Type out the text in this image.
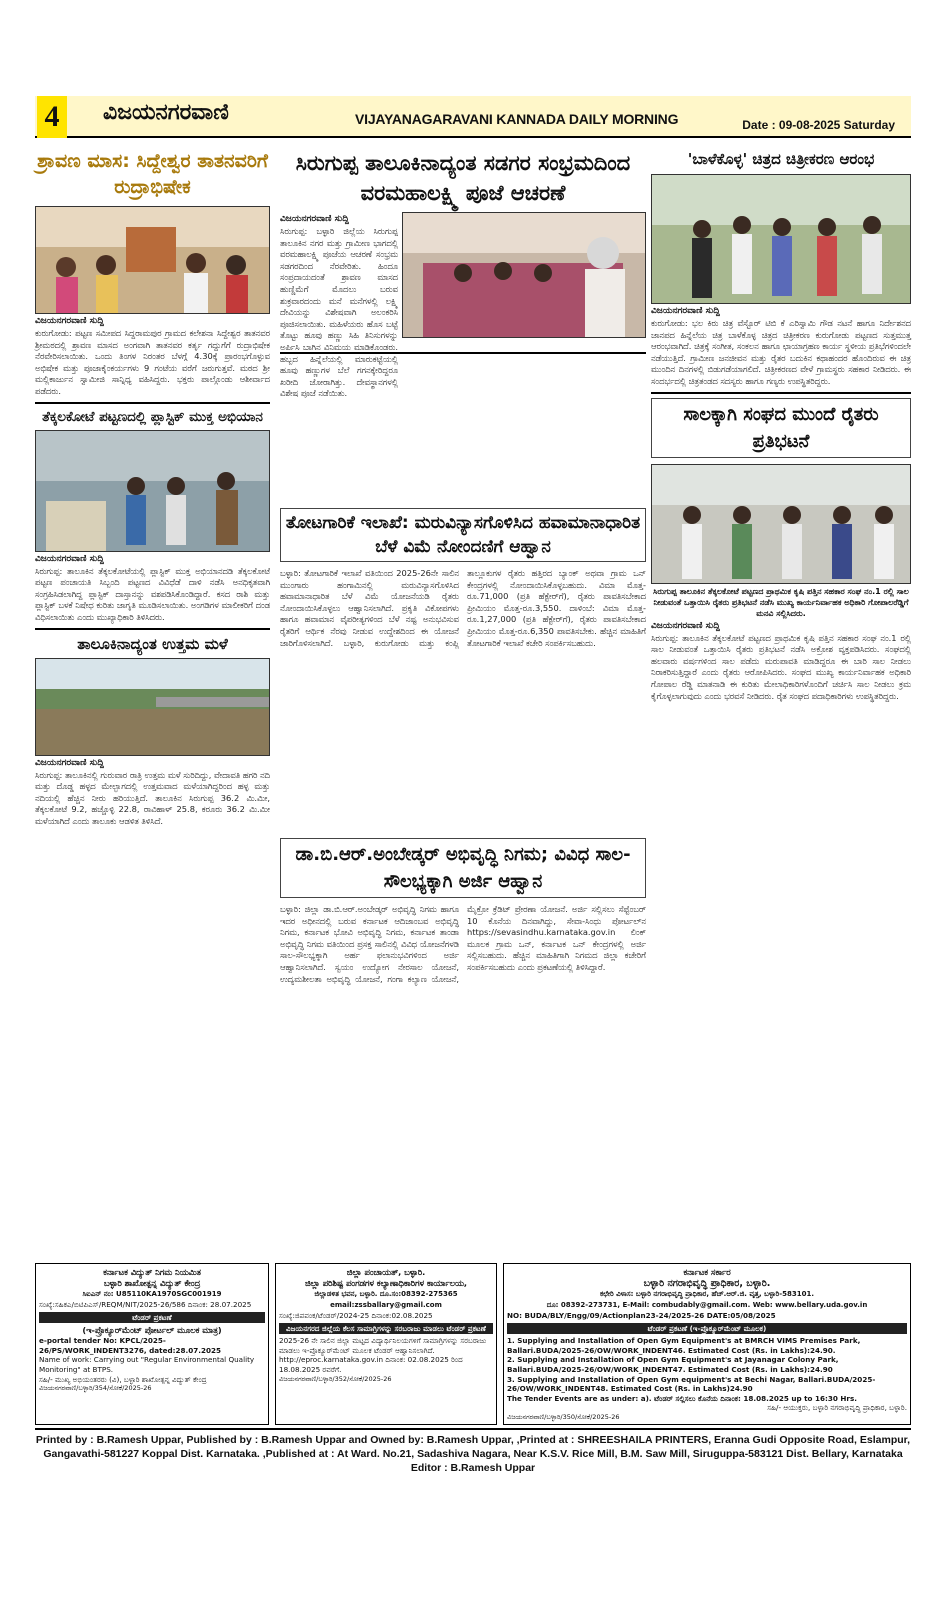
4	ವಿಜಯನಗರವಾಣಿ	VIJAYANAGARAVANI KANNADA DAILY MORNING	Date : 09-08-2025 Saturday
ಶ್ರಾವಣ ಮಾಸ: ಸಿದ್ದೇಶ್ವರ ತಾತನವರಿಗೆ ರುದ್ರಾಭಿಷೇಕ
ವಿಜಯನಗರವಾಣಿ ಸುದ್ದಿ
ಕುರುಗೋಡು: ಪಟ್ಟಣ ಸಮೀಪದ ಸಿದ್ದರಾಮಪುರ ಗ್ರಾಮದ ಕಲೇಶನಾ ಸಿದ್ದೇಶ್ವರ ತಾತನವರ ಶ್ರೀಮಠದಲ್ಲಿ ಶ್ರಾವಣ ಮಾಸದ ಅಂಗವಾಗಿ ತಾತನವರ ಕರ್ತೃ ಗದ್ದುಗೆಗೆ ರುದ್ರಾಭಿಷೇಕ ನೆರವೇರಿಸಲಾಯಿತು. ಒಂದು ತಿಂಗಳ ನಿರಂತರ ಬೆಳಗ್ಗೆ 4.30ಕ್ಕೆ ಪ್ರಾರಂಭಗೊಳ್ಳುವ ಅಭಿಷೇಕ ಮತ್ತು ಪೂಜಾಕೈಂಕರ್ಯಗಳು 9 ಗಂಟೆಯ ವರೆಗೆ ಜರುಗುತ್ತವೆ. ಮಠದ ಶ್ರೀ ಮಲ್ಲಿಕಾರ್ಜುನ ಸ್ವಾಮೀಜಿ ಸಾನ್ನಿಧ್ಯ ವಹಿಸಿದ್ದರು. ಭಕ್ತರು ಪಾಲ್ಗೊಂಡು ಆಶೀರ್ವಾದ ಪಡೆದರು.
ತೆಕ್ಕಲಕೋಟೆ ಪಟ್ಟಣದಲ್ಲಿ ಪ್ಲಾಸ್ಟಿಕ್ ಮುಕ್ತ ಅಭಿಯಾನ
ವಿಜಯನಗರವಾಣಿ ಸುದ್ದಿ
ಸಿರುಗುಪ್ಪ: ತಾಲೂಕಿನ ತೆಕ್ಕಲಕೋಟೆಯಲ್ಲಿ ಪ್ಲಾಸ್ಟಿಕ್ ಮುಕ್ತ ಅಭಿಯಾನದಡಿ ತೆಕ್ಕಲಕೋಟೆ ಪಟ್ಟಣ ಪಂಚಾಯತಿ ಸಿಬ್ಬಂದಿ ಪಟ್ಟಣದ ವಿವಿಧೆಡೆ ದಾಳಿ ನಡೆಸಿ ಅನಧಿಕೃತವಾಗಿ ಸಂಗ್ರಹಿಸಿಡಲಾಗಿದ್ದ ಪ್ಲಾಸ್ಟಿಕ್ ದಾಸ್ತಾನನ್ನು ವಶಪಡಿಸಿಕೊಂಡಿದ್ದಾರೆ. ಕಸದ ರಾಶಿ ಮತ್ತು ಪ್ಲಾಸ್ಟಿಕ್ ಬಳಕೆ ನಿಷೇಧ ಕುರಿತು ಜಾಗೃತಿ ಮೂಡಿಸಲಾಯಿತು. ಅಂಗಡಿಗಳ ಮಾಲೀಕರಿಗೆ ದಂಡ ವಿಧಿಸಲಾಯಿತು ಎಂದು ಮುಖ್ಯಾಧಿಕಾರಿ ತಿಳಿಸಿದರು.
ತಾಲೂಕಿನಾದ್ಯಂತ ಉತ್ತಮ ಮಳೆ
ವಿಜಯನಗರವಾಣಿ ಸುದ್ದಿ
ಸಿರುಗುಪ್ಪ: ತಾಲೂಕಿನಲ್ಲಿ ಗುರುವಾರ ರಾತ್ರಿ ಉತ್ತಮ ಮಳೆ ಸುರಿದಿದ್ದು, ವೇದಾವತಿ ಹಗರಿ ನದಿ ಮತ್ತು ದೊಡ್ಡ ಹಳ್ಳದ ಮೇಲ್ಭಾಗದಲ್ಲಿ ಉತ್ತಮವಾದ ಮಳೆಯಾಗಿದ್ದರಿಂದ ಹಳ್ಳ ಮತ್ತು ನದಿಯಲ್ಲಿ ಹೆಚ್ಚಿನ ನೀರು ಹರಿಯುತ್ತಿದೆ. ತಾಲೂಕಿನ ಸಿರುಗುಪ್ಪ 36.2 ಮಿ.ಮೀ, ತೆಕ್ಕಲಕೋಟೆ 9.2, ಹಚ್ಚೊಳ್ಳಿ 22.8, ರಾವಿಹಾಳ್ 25.8, ಕರೂರು 36.2 ಮಿ.ಮೀ ಮಳೆಯಾಗಿದೆ ಎಂದು ತಾಲೂಕು ಆಡಳಿತ ತಿಳಿಸಿದೆ.
ಸಿರುಗುಪ್ಪ ತಾಲೂಕಿನಾದ್ಯಂತ ಸಡಗರ ಸಂಭ್ರಮದಿಂದ ವರಮಹಾಲಕ್ಷ್ಮಿ ಪೂಜೆ ಆಚರಣೆ
ವಿಜಯನಗರವಾಣಿ ಸುದ್ದಿ
ಸಿರುಗುಪ್ಪ: ಬಳ್ಳಾರಿ ಜಿಲ್ಲೆಯ ಸಿರುಗುಪ್ಪ ತಾಲೂಕಿನ ನಗರ ಮತ್ತು ಗ್ರಾಮೀಣ ಭಾಗದಲ್ಲಿ ವರಮಹಾಲಕ್ಷ್ಮಿ ಪೂಜೆಯ ಆಚರಣೆ ಸಂಭ್ರಮ ಸಡಗರದಿಂದ ನೆರವೇರಿತು. ಹಿಂದೂ ಸಂಪ್ರದಾಯದಂತೆ ಶ್ರಾವಣ ಮಾಸದ ಹುಣ್ಣಿಮೆಗೆ ಮೊದಲು ಬರುವ ಶುಕ್ರವಾರದಂದು ಮನೆ ಮನೆಗಳಲ್ಲಿ ಲಕ್ಷ್ಮಿ ದೇವಿಯನ್ನು ವಿಶೇಷವಾಗಿ ಅಲಂಕರಿಸಿ ಪೂಜಿಸಲಾಯಿತು. ಮಹಿಳೆಯರು ಹೊಸ ಬಟ್ಟೆ ತೊಟ್ಟು ಹೂವು ಹಣ್ಣು ಸಿಹಿ ತಿನಿಸುಗಳನ್ನು ಅರ್ಪಿಸಿ ಬಾಗಿನ ವಿನಿಮಯ ಮಾಡಿಕೊಂಡರು. ಹಬ್ಬದ ಹಿನ್ನೆಲೆಯಲ್ಲಿ ಮಾರುಕಟ್ಟೆಯಲ್ಲಿ ಹೂವು ಹಣ್ಣುಗಳ ಬೆಲೆ ಗಗನಕ್ಕೇರಿದ್ದರೂ ಖರೀದಿ ಜೋರಾಗಿತ್ತು. ದೇವಸ್ಥಾನಗಳಲ್ಲಿ ವಿಶೇಷ ಪೂಜೆ ನಡೆಯಿತು.
ತೋಟಗಾರಿಕೆ ಇಲಾಖೆ: ಮರುವಿನ್ಯಾಸಗೊಳಿಸಿದ ಹವಾಮಾನಾಧಾರಿತ ಬೆಳೆ ವಿಮೆ ನೋಂದಣಿಗೆ ಆಹ್ವಾನ
ಬಳ್ಳಾರಿ: ತೋಟಗಾರಿಕೆ ಇಲಾಖೆ ವತಿಯಿಂದ 2025-26ನೇ ಸಾಲಿನ ಮುಂಗಾರು ಹಂಗಾಮಿನಲ್ಲಿ ಮರುವಿನ್ಯಾಸಗೊಳಿಸಿದ ಹವಾಮಾನಾಧಾರಿತ ಬೆಳೆ ವಿಮೆ ಯೋಜನೆಯಡಿ ರೈತರು ನೋಂದಾಯಿಸಿಕೊಳ್ಳಲು ಆಹ್ವಾನಿಸಲಾಗಿದೆ. ಪ್ರಕೃತಿ ವಿಕೋಪಗಳು ಹಾಗೂ ಹವಾಮಾನ ವೈಪರೀತ್ಯಗಳಿಂದ ಬೆಳೆ ನಷ್ಟ ಅನುಭವಿಸುವ ರೈತರಿಗೆ ಆರ್ಥಿಕ ನೆರವು ನೀಡುವ ಉದ್ದೇಶದಿಂದ ಈ ಯೋಜನೆ ಜಾರಿಗೊಳಿಸಲಾಗಿದೆ. ಬಳ್ಳಾರಿ, ಕುರುಗೋಡು ಮತ್ತು ಕಂಪ್ಲಿ ತಾಲ್ಲೂಕುಗಳ ರೈತರು ಹತ್ತಿರದ ಬ್ಯಾಂಕ್ ಅಥವಾ ಗ್ರಾಮ ಒನ್ ಕೇಂದ್ರಗಳಲ್ಲಿ ನೋಂದಾಯಿಸಿಕೊಳ್ಳಬಹುದು. ವಿಮಾ ಮೊತ್ತ-ರೂ.71,000 (ಪ್ರತಿ ಹೆಕ್ಟೇರ್‌ಗೆ), ರೈತರು ಪಾವತಿಸಬೇಕಾದ ಪ್ರೀಮಿಯಂ ಮೊತ್ತ-ರೂ.3,550. ದಾಳಿಂಬೆ: ವಿಮಾ ಮೊತ್ತ-ರೂ.1,27,000 (ಪ್ರತಿ ಹೆಕ್ಟೇರ್‌ಗೆ), ರೈತರು ಪಾವತಿಸಬೇಕಾದ ಪ್ರೀಮಿಯಂ ಮೊತ್ತ-ರೂ.6,350 ಪಾವತಿಸಬೇಕು. ಹೆಚ್ಚಿನ ಮಾಹಿತಿಗೆ ತೋಟಗಾರಿಕೆ ಇಲಾಖೆ ಕಚೇರಿ ಸಂಪರ್ಕಿಸಬಹುದು.
ಡಾ.ಬಿ.ಆರ್.ಅಂಬೇಡ್ಕರ್ ಅಭಿವೃದ್ಧಿ ನಿಗಮ; ವಿವಿಧ ಸಾಲ-ಸೌಲಭ್ಯಕ್ಕಾಗಿ ಅರ್ಜಿ ಆಹ್ವಾನ
ಬಳ್ಳಾರಿ: ಜಿಲ್ಲಾ ಡಾ.ಬಿ.ಆರ್.ಅಂಬೇಡ್ಕರ್ ಅಭಿವೃದ್ಧಿ ನಿಗಮ ಹಾಗೂ ಇದರ ಅಧೀನದಲ್ಲಿ ಬರುವ ಕರ್ನಾಟಕ ಆದಿಜಾಂಬವ ಅಭಿವೃದ್ಧಿ ನಿಗಮ, ಕರ್ನಾಟಕ ಭೋವಿ ಅಭಿವೃದ್ಧಿ ನಿಗಮ, ಕರ್ನಾಟಕ ತಾಂಡಾ ಅಭಿವೃದ್ಧಿ ನಿಗಮ ವತಿಯಿಂದ ಪ್ರಸಕ್ತ ಸಾಲಿನಲ್ಲಿ ವಿವಿಧ ಯೋಜನೆಗಳಡಿ ಸಾಲ-ಸೌಲಭ್ಯಕ್ಕಾಗಿ ಅರ್ಹ ಫಲಾನುಭವಿಗಳಿಂದ ಅರ್ಜಿ ಆಹ್ವಾನಿಸಲಾಗಿದೆ. ಸ್ವಯಂ ಉದ್ಯೋಗ ನೇರಸಾಲ ಯೋಜನೆ, ಉದ್ಯಮಶೀಲತಾ ಅಭಿವೃದ್ಧಿ ಯೋಜನೆ, ಗಂಗಾ ಕಲ್ಯಾಣ ಯೋಜನೆ, ಮೈಕ್ರೋ ಕ್ರೆಡಿಟ್ ಪ್ರೇರಣಾ ಯೋಜನೆ. ಅರ್ಜಿ ಸಲ್ಲಿಸಲು ಸೆಪ್ಟೆಂಬರ್ 10 ಕೊನೆಯ ದಿನವಾಗಿದ್ದು, ಸೇವಾ-ಸಿಂಧು ಪೋರ್ಟಲ್‌ನ https://sevasindhu.karnataka.gov.in ಲಿಂಕ್ ಮೂಲಕ ಗ್ರಾಮ ಒನ್, ಕರ್ನಾಟಕ ಒನ್ ಕೇಂದ್ರಗಳಲ್ಲಿ ಅರ್ಜಿ ಸಲ್ಲಿಸಬಹುದು. ಹೆಚ್ಚಿನ ಮಾಹಿತಿಗಾಗಿ ನಿಗಮದ ಜಿಲ್ಲಾ ಕಚೇರಿಗೆ ಸಂಪರ್ಕಿಸಬಹುದು ಎಂದು ಪ್ರಕಟಣೆಯಲ್ಲಿ ತಿಳಿಸಿದ್ದಾರೆ.
'ಬಾಳೆಕೊಳ್ಳ' ಚಿತ್ರದ ಚಿತ್ರೀಕರಣ ಆರಂಭ
ವಿಜಯನಗರವಾಣಿ ಸುದ್ದಿ
ಕುರುಗೋಡು: ಭಲ ಕಿರು ಚಿತ್ರ ವೆಸ್ಟೊರ್ ಟಿಬಿ ಕೆ ಎರಿಸ್ವಾಮಿ ಗೌಡ ನಟನೆ ಹಾಗೂ ನಿರ್ದೇಶನದ ಜಾನಪದ ಹಿನ್ನೆಲೆಯ ಚಿತ್ರ ಬಾಳೆಕೊಳ್ಳ ಚಿತ್ರದ ಚಿತ್ರೀಕರಣ ಕುರುಗೋಡು ಪಟ್ಟಣದ ಸುತ್ತಮುತ್ತ ಆರಂಭವಾಗಿದೆ. ಚಿತ್ರಕ್ಕೆ ಸಂಗೀತ, ಸಂಕಲನ ಹಾಗೂ ಛಾಯಾಗ್ರಹಣ ಕಾರ್ಯ ಸ್ಥಳೀಯ ಪ್ರತಿಭೆಗಳಿಂದಲೇ ನಡೆಯುತ್ತಿದೆ. ಗ್ರಾಮೀಣ ಜನಜೀವನ ಮತ್ತು ರೈತರ ಬದುಕಿನ ಕಥಾಹಂದರ ಹೊಂದಿರುವ ಈ ಚಿತ್ರ ಮುಂದಿನ ದಿನಗಳಲ್ಲಿ ಬಿಡುಗಡೆಯಾಗಲಿದೆ. ಚಿತ್ರೀಕರಣದ ವೇಳೆ ಗ್ರಾಮಸ್ಥರು ಸಹಕಾರ ನೀಡಿದರು. ಈ ಸಂದರ್ಭದಲ್ಲಿ ಚಿತ್ರತಂಡದ ಸದಸ್ಯರು ಹಾಗೂ ಗಣ್ಯರು ಉಪಸ್ಥಿತರಿದ್ದರು.
ಸಾಲಕ್ಕಾಗಿ ಸಂಘದ ಮುಂದೆ ರೈತರು ಪ್ರತಿಭಟನೆ
ಸಿರುಗುಪ್ಪ ತಾಲೂಕಿನ ತೆಕ್ಕಲಕೋಟೆ ಪಟ್ಟಣದ ಪ್ರಾಥಮಿಕ ಕೃಷಿ ಪತ್ತಿನ ಸಹಕಾರ ಸಂಘ ನಂ.1 ರಲ್ಲಿ ಸಾಲ ನೀಡುವಂತೆ ಒತ್ತಾಯಿಸಿ ರೈತರು ಪ್ರತಿಭಟನೆ ನಡೆಸಿ ಮುಖ್ಯ ಕಾರ್ಯನಿರ್ವಾಹಕ ಅಧಿಕಾರಿ ಗೋಪಾಲರೆಡ್ಡಿಗೆ ಮನವಿ ಸಲ್ಲಿಸಿದರು.
ವಿಜಯನಗರವಾಣಿ ಸುದ್ದಿ
ಸಿರುಗುಪ್ಪ: ತಾಲೂಕಿನ ತೆಕ್ಕಲಕೋಟೆ ಪಟ್ಟಣದ ಪ್ರಾಥಮಿಕ ಕೃಷಿ ಪತ್ತಿನ ಸಹಕಾರ ಸಂಘ ನಂ.1 ರಲ್ಲಿ ಸಾಲ ನೀಡುವಂತೆ ಒತ್ತಾಯಿಸಿ ರೈತರು ಪ್ರತಿಭಟನೆ ನಡೆಸಿ ಅಕ್ರೋಶ ವ್ಯಕ್ತಪಡಿಸಿದರು. ಸಂಘದಲ್ಲಿ ಹಲವಾರು ವರ್ಷಗಳಿಂದ ಸಾಲ ಪಡೆದು ಮರುಪಾವತಿ ಮಾಡಿದ್ದರೂ ಈ ಬಾರಿ ಸಾಲ ನೀಡಲು ನಿರಾಕರಿಸುತ್ತಿದ್ದಾರೆ ಎಂದು ರೈತರು ಆರೋಪಿಸಿದರು. ಸಂಘದ ಮುಖ್ಯ ಕಾರ್ಯನಿರ್ವಾಹಕ ಅಧಿಕಾರಿ ಗೋಪಾಲ ರೆಡ್ಡಿ ಮಾತನಾಡಿ ಈ ಕುರಿತು ಮೇಲಾಧಿಕಾರಿಗಳೊಂದಿಗೆ ಚರ್ಚಿಸಿ ಸಾಲ ನೀಡಲು ಕ್ರಮ ಕೈಗೊಳ್ಳಲಾಗುವುದು ಎಂದು ಭರವಸೆ ನೀಡಿದರು. ರೈತ ಸಂಘದ ಪದಾಧಿಕಾರಿಗಳು ಉಪಸ್ಥಿತರಿದ್ದರು.
ಕರ್ನಾಟಕ ವಿದ್ಯುತ್ ನಿಗಮ ನಿಯಮಿತ
ಬಳ್ಳಾರಿ ಶಾಖೋತ್ಪನ್ನ ವಿದ್ಯುತ್ ಕೇಂದ್ರ
ಸಿಐಎನ್ ನಂ: U85110KA1970SGC001919
ಸಂಖ್ಯೆ:ಸಹಿಕಎ/ಬಿಟಿಪಿಎಸ್/REQM/NIT/2025-26/586 ದಿನಾಂಕ: 28.07.2025
ಟೆಂಡರ್ ಪ್ರಕಟಣೆ
(ಇ-ಪ್ರೊಕ್ಯೂರ್‌ಮೆಂಟ್ ಪೋರ್ಟಲ್ ಮೂಲಕ ಮಾತ್ರ)
e-portal tender No: KPCL/2025-26/PS/WORK_INDENT3276, dated:28.07.2025
Name of work: Carrying out "Regular Environmental Quality Monitoring" at BTPS.
ಸಹಿ/- ಮುಖ್ಯ ಅಭಿಯಂತರರು (ವಿ), ಬಳ್ಳಾರಿ ಶಾಖೋತ್ಪನ್ನ ವಿದ್ಯುತ್ ಕೇಂದ್ರ
ವಿಜಯನಗರವಾಣಿ/ಬಳ್ಳಾರಿ/354/ಸೋಕೆ/2025-26
ಜಿಲ್ಲಾ ಪಂಚಾಯತ್, ಬಳ್ಳಾರಿ.
ಜಿಲ್ಲಾ ಪರಿಶಿಷ್ಟ ಪಂಗಡಗಳ ಕಲ್ಯಾಣಾಧಿಕಾರಿಗಳ ಕಾರ್ಯಾಲಯ,
ಜಿಲ್ಲಾಡಳಿತ ಭವನ, ಬಳ್ಳಾರಿ. ದೂ.ಸಂ:08392-275365
email:zssballary@gmail.com
ಸಂಖ್ಯೆ:ಜಿಪಪಂಕ/ಟೆಂಡರ್/2024-25 ದಿನಾಂಕ:02.08.2025
ವಿಜಯನಗರದ ಜಿಲ್ಲೆಯ ಕೆಲಸ ಸಾಮಾಗ್ರಿಗಳನ್ನು ಸರಬರಾಜು ಮಾಡಲು ಟೆಂಡರ್ ಪ್ರಕಟಣೆ
2025-26 ನೇ ಸಾಲಿನ ಜಿಲ್ಲಾ ಮಟ್ಟದ ವಿದ್ಯಾರ್ಥಿನಿಲಯಗಳಿಗೆ ಸಾಮಾಗ್ರಿಗಳನ್ನು ಸರಬರಾಜು ಮಾಡಲು ಇ-ಪ್ರೊಕ್ಯೂರ್‌ಮೆಂಟ್ ಮೂಲಕ ಟೆಂಡರ್ ಆಹ್ವಾನಿಸಲಾಗಿದೆ. http://eproc.karnataka.gov.in ದಿನಾಂಕ: 02.08.2025 ರಿಂದ 18.08.2025 ರವರೆಗೆ.
ವಿಜಯನಗರವಾಣಿ/ಬಳ್ಳಾರಿ/352/ಸೋಕೆ/2025-26
ಕರ್ನಾಟಕ ಸರ್ಕಾರ
ಬಳ್ಳಾರಿ ನಗರಾಭಿವೃದ್ಧಿ ಪ್ರಾಧಿಕಾರ, ಬಳ್ಳಾರಿ.
ಕಛೇರಿ ವಿಳಾಸ: ಬಳ್ಳಾರಿ ನಗರಾಭಿವೃದ್ಧಿ ಪ್ರಾಧಿಕಾರ, ಹೆಚ್.ಆರ್.ಜಿ. ವೃತ್ತ, ಬಳ್ಳಾರಿ-583101.
ದೂ: 08392-273731, E-Mail: combudably@gmail.com. Web: www.bellary.uda.gov.in
NO: BUDA/BLY/Engg/09/Actionplan23-24/2025-26 DATE:05/08/2025
ಟೆಂಡರ್ ಪ್ರಕಟಣೆ (ಇ-ಪ್ರೊಕ್ಯೂರ್‌ಮೆಂಟ್ ಮೂಲಕ)
1. Supplying and Installation of Open Gym Equipment's at BMRCH VIMS Premises Park, Ballari.BUDA/2025-26/OW/WORK_INDENT46. Estimated Cost (Rs. in Lakhs):24.90.
2. Supplying and Installation of Open Gym Equipment's at Jayanagar Colony Park, Ballari.BUDA/2025-26/OW/WORK_INDENT47. Estimated Cost (Rs. in Lakhs):24.90
3. Supplying and Installation of Open Gym equipment's at Bechi Nagar, Ballari.BUDA/2025-26/OW/WORK_INDENT48. Estimated Cost (Rs. in Lakhs)24.90
The Tender Events are as under: a). ಟೆಂಡರ್ ಸಲ್ಲಿಸಲು ಕೊನೆಯ ದಿನಾಂಕ: 18.08.2025 up to 16:30 Hrs.
ಸಹಿ/- ಆಯುಕ್ತರು, ಬಳ್ಳಾರಿ ನಗರಾಭಿವೃದ್ಧಿ ಪ್ರಾಧಿಕಾರ, ಬಳ್ಳಾರಿ.
ವಿಜಯನಗರವಾಣಿ/ಬಳ್ಳಾರಿ/350/ಸೋಕೆ/2025-26
Printed by : B.Ramesh Uppar, Published by : B.Ramesh Uppar and Owned by: B.Ramesh Uppar, ,Printed at : SHREESHAILA PRINTERS, Eranna Gudi Opposite Road, Eslampur, Gangavathi-581227 Koppal Dist. Karnataka. ,Published at : At Ward. No.21, Sadashiva Nagara, Near K.S.V. Rice Mill, B.M. Saw Mill, Siruguppa-583121 Dist. Bellary, Karnataka Editor : B.Ramesh Uppar
